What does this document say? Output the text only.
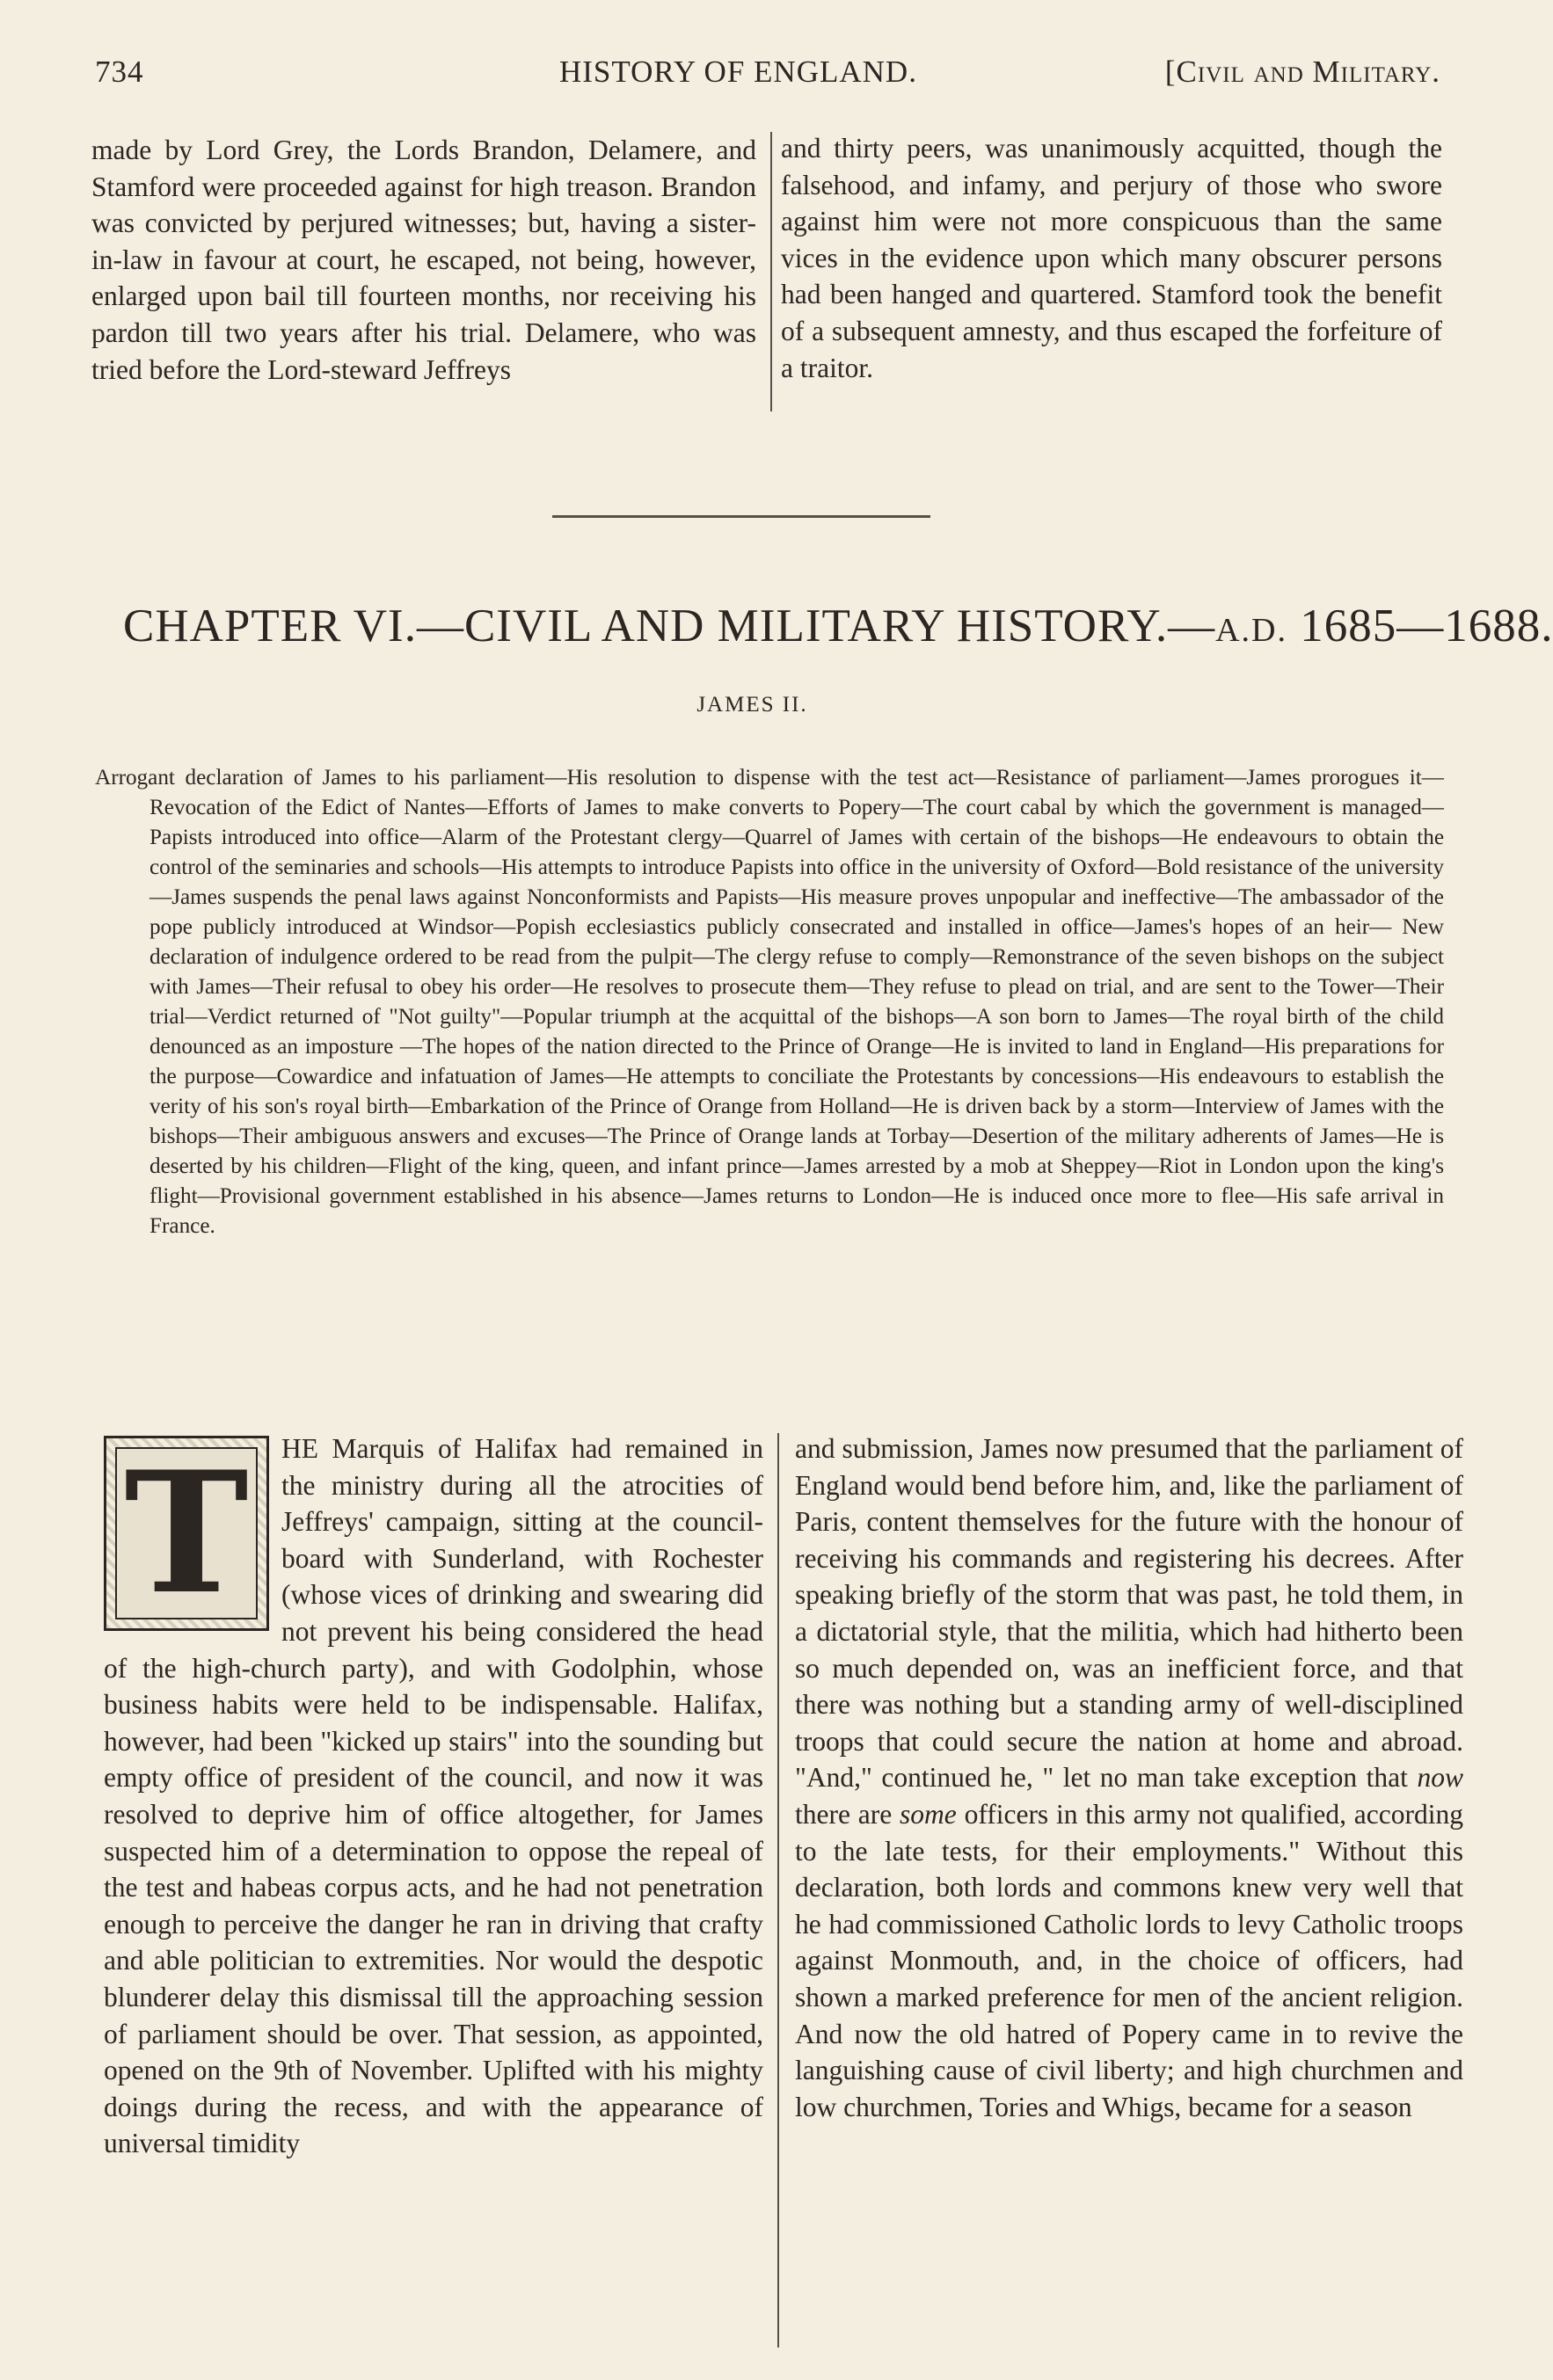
734	HISTORY OF ENGLAND.	[Civil and Military.

made by Lord Grey, the Lords Brandon, Delamere, and Stamford were proceeded against for high treason. Brandon was convicted by perjured witnesses; but, having a sister-in-law in favour at court, he escaped, not being, however, enlarged upon bail till fourteen months, nor receiving his pardon till two years after his trial. Delamere, who was tried before the Lord-steward Jeffreys

and thirty peers, was unanimously acquitted, though the falsehood, and infamy, and perjury of those who swore against him were not more conspicuous than the same vices in the evidence upon which many obscurer persons had been hanged and quartered. Stamford took the benefit of a subsequent amnesty, and thus escaped the forfeiture of a traitor.

CHAPTER VI.—CIVIL AND MILITARY HISTORY.—A.D. 1685—1688.
JAMES II.
Arrogant declaration of James to his parliament—His resolution to dispense with the test act—Resistance of parliament—James prorogues it—Revocation of the Edict of Nantes—Efforts of James to make converts to Popery—The court cabal by which the government is managed—Papists introduced into office—Alarm of the Protestant clergy—Quarrel of James with certain of the bishops—He endeavours to obtain the control of the seminaries and schools—His attempts to introduce Papists into office in the university of Oxford—Bold resistance of the university—James suspends the penal laws against Nonconformists and Papists—His measure proves unpopular and ineffective—The ambassador of the pope publicly introduced at Windsor—Popish ecclesiastics publicly consecrated and installed in office—James's hopes of an heir— New declaration of indulgence ordered to be read from the pulpit—The clergy refuse to comply—Remonstrance of the seven bishops on the subject with James—Their refusal to obey his order—He resolves to prosecute them—They refuse to plead on trial, and are sent to the Tower—Their trial—Verdict returned of "Not guilty"—Popular triumph at the acquittal of the bishops—A son born to James—The royal birth of the child denounced as an imposture —The hopes of the nation directed to the Prince of Orange—He is invited to land in England—His preparations for the purpose—Cowardice and infatuation of James—He attempts to conciliate the Protestants by concessions—His endeavours to establish the verity of his son's royal birth—Embarkation of the Prince of Orange from Holland—He is driven back by a storm—Interview of James with the bishops—Their ambiguous answers and excuses—The Prince of Orange lands at Torbay—Desertion of the military adherents of James—He is deserted by his children—Flight of the king, queen, and infant prince—James arrested by a mob at Sheppey—Riot in London upon the king's flight—Provisional government established in his absence—James returns to London—He is induced once more to flee—His safe arrival in France.
T	HE Marquis of Halifax had remained in the ministry during all the atrocities of Jeffreys' campaign, sitting at the council-board with Sunderland, with Rochester (whose vices of drinking and swearing did not prevent his being considered the head of the high-church party), and with Godolphin, whose business habits were held to be indispensable. Halifax, however, had been "kicked up stairs" into the sounding but empty office of president of the council, and now it was resolved to deprive him of office altogether, for James suspected him of a determination to oppose the repeal of the test and habeas corpus acts, and he had not penetration enough to perceive the danger he ran in driving that crafty and able politician to extremities. Nor would the despotic blunderer delay this dismissal till the approaching session of parliament should be over. That session, as appointed, opened on the 9th of November. Uplifted with his mighty doings during the recess, and with the appearance of universal timidity

and submission, James now presumed that the parliament of England would bend before him, and, like the parliament of Paris, content themselves for the future with the honour of receiving his commands and registering his decrees. After speaking briefly of the storm that was past, he told them, in a dictatorial style, that the militia, which had hitherto been so much depended on, was an inefficient force, and that there was nothing but a standing army of well-disciplined troops that could secure the nation at home and abroad. "And," continued he, " let no man take exception that now there are some officers in this army not qualified, according to the late tests, for their employments." Without this declaration, both lords and commons knew very well that he had commissioned Catholic lords to levy Catholic troops against Monmouth, and, in the choice of officers, had shown a marked preference for men of the ancient religion. And now the old hatred of Popery came in to revive the languishing cause of civil liberty; and high churchmen and low churchmen, Tories and Whigs, became for a season
